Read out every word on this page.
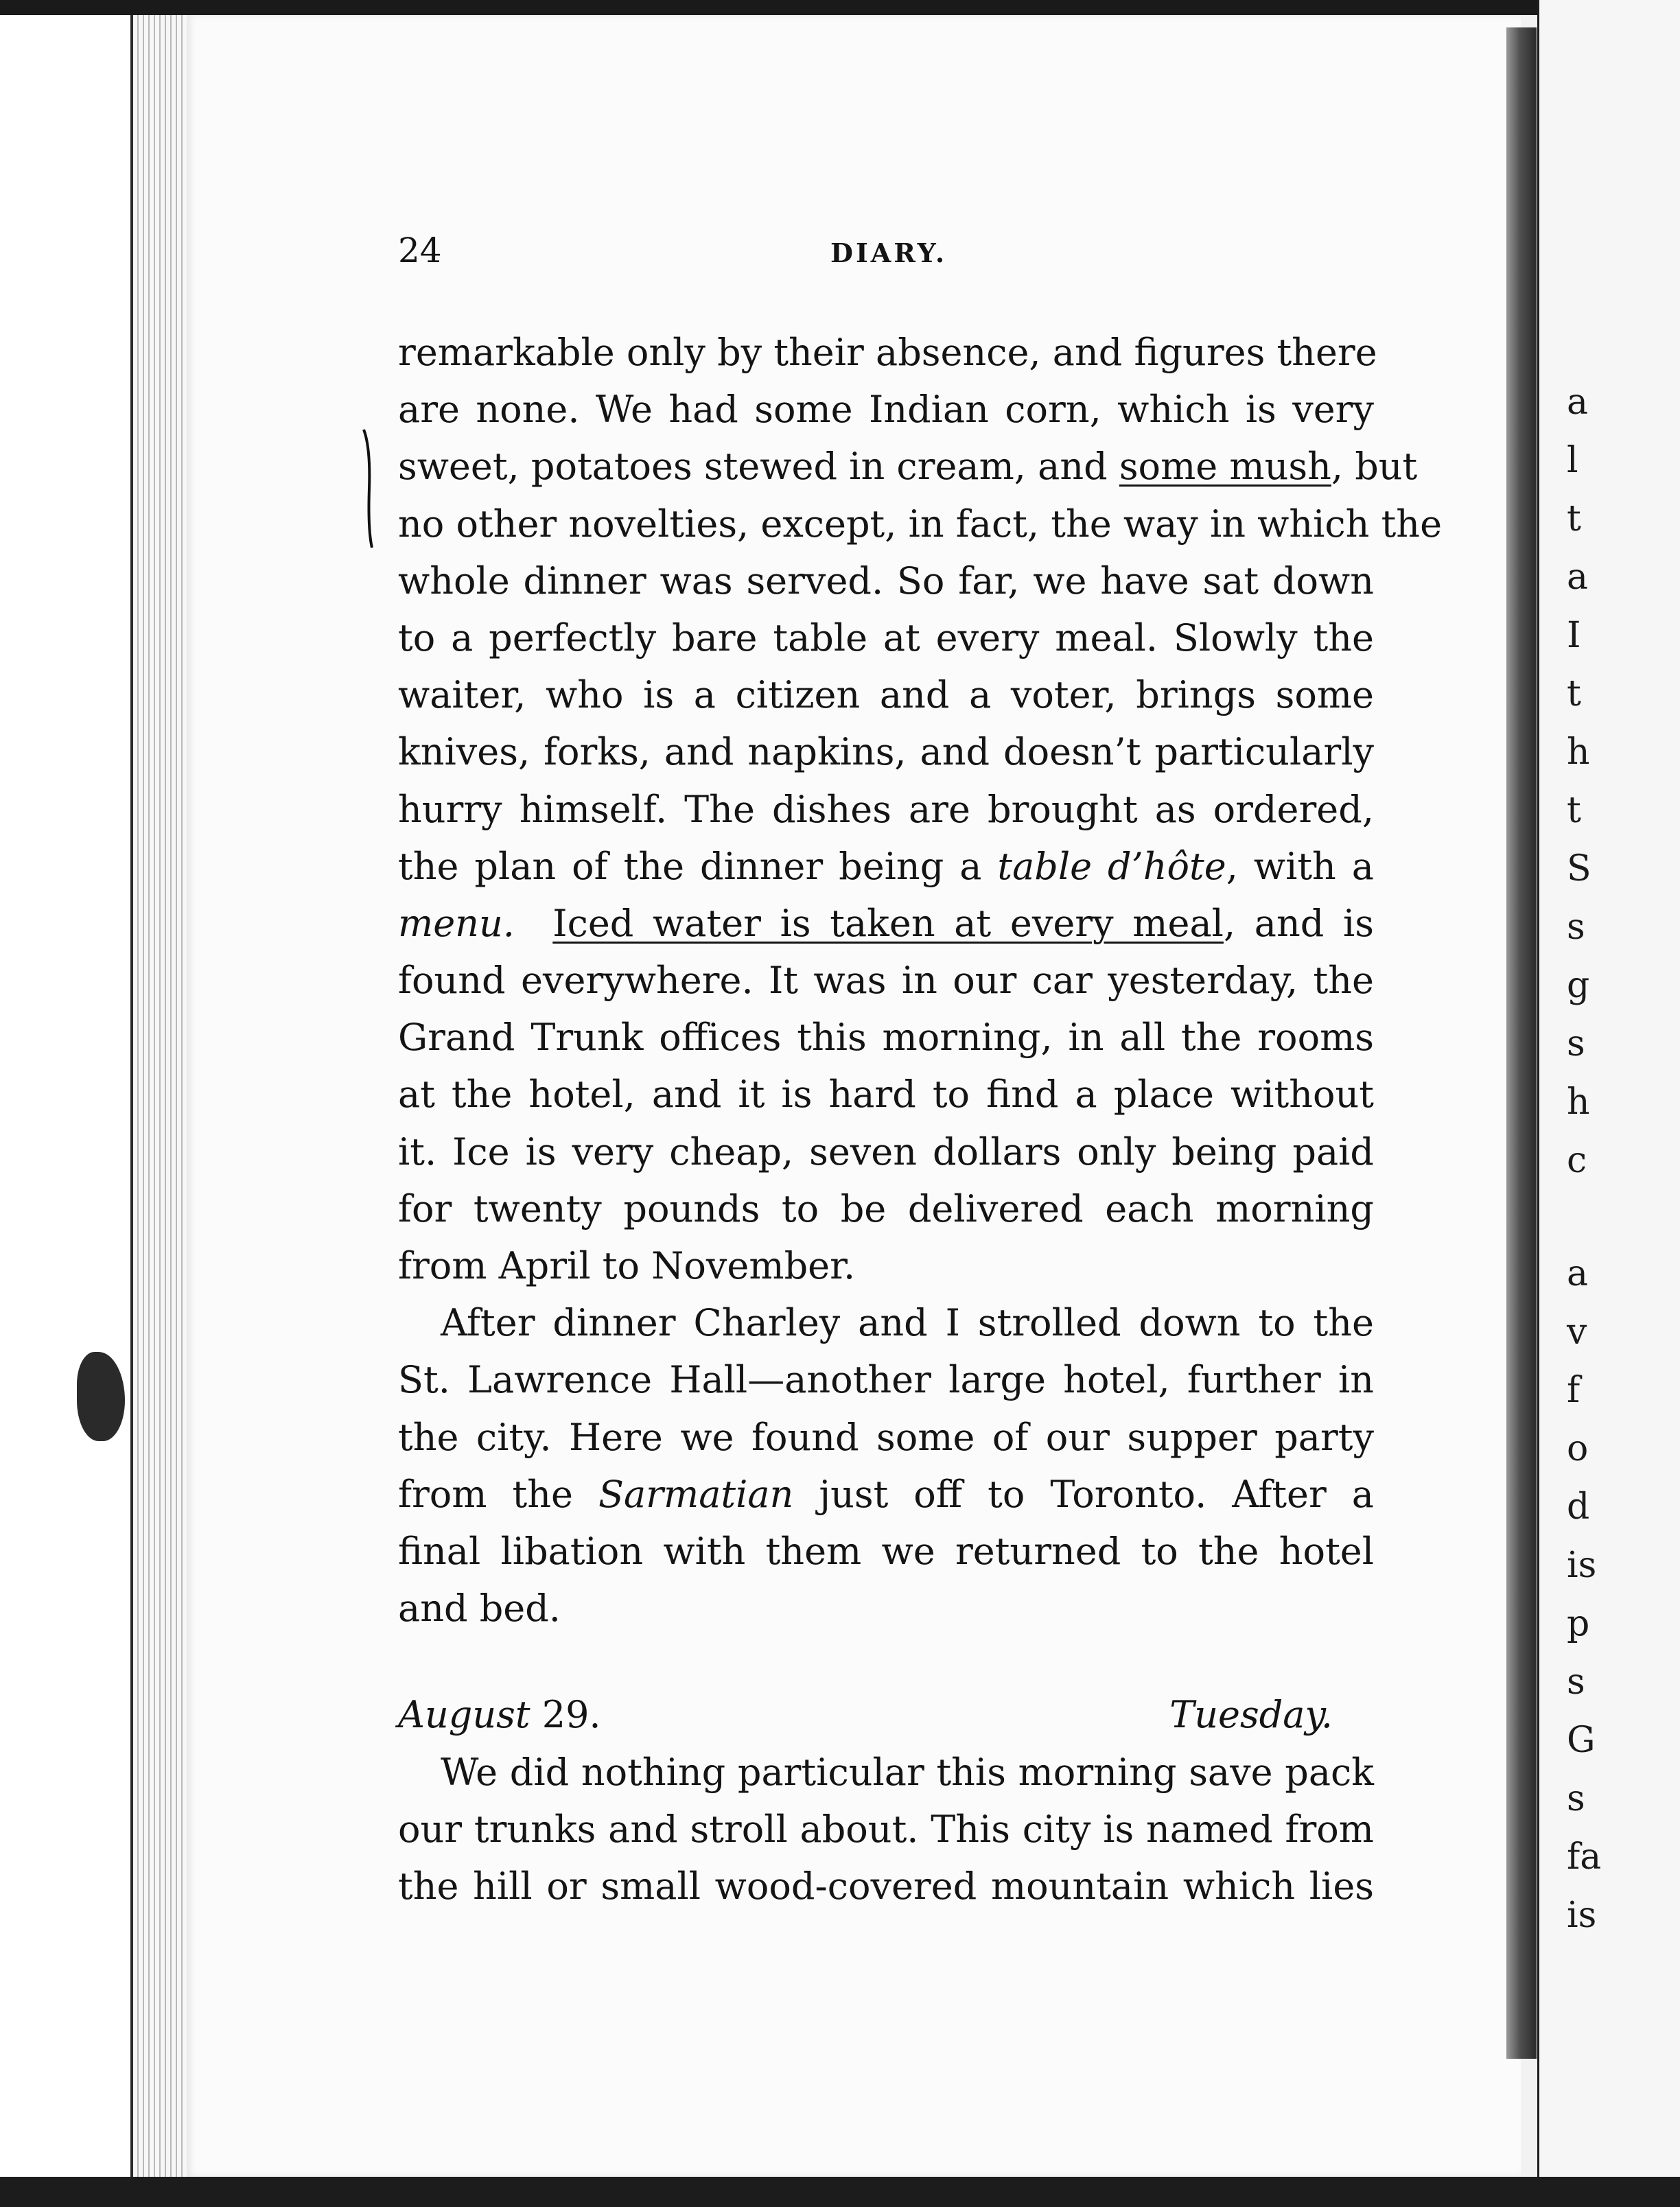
a
l
t
a
I
t
h
t
S
s
g
s
h
c
a
v
f
o
d
is
p
s
G
s
fa
is
24	DIARY.
remarkable only by their absence, and figures there
are none. We had some Indian corn, which is very
sweet, potatoes stewed in cream, and some mush, but
no other novelties, except, in fact, the way in which the
whole dinner was served. So far, we have sat down
to a perfectly bare table at every meal. Slowly the
waiter, who is a citizen and a voter, brings some
knives, forks, and napkins, and doesn’t particularly
hurry himself. The dishes are brought as ordered,
the plan of the dinner being a table d’hôte, with a
menu. Iced water is taken at every meal, and is
found everywhere. It was in our car yesterday, the
Grand Trunk offices this morning, in all the rooms
at the hotel, and it is hard to find a place without
it. Ice is very cheap, seven dollars only being paid
for twenty pounds to be delivered each morning
from April to November.
After dinner Charley and I strolled down to the
St. Lawrence Hall—another large hotel, further in
the city. Here we found some of our supper party
from the Sarmatian just off to Toronto. After a
final libation with them we returned to the hotel
and bed.
August 29.	Tuesday.
We did nothing particular this morning save pack
our trunks and stroll about. This city is named from
the hill or small wood-covered mountain which lies
